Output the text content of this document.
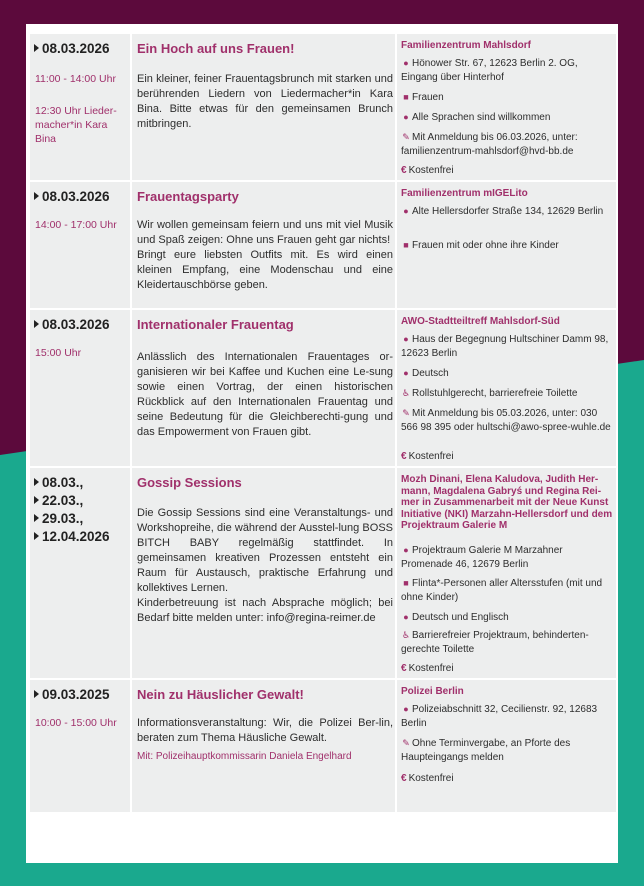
08.03.2026
11:00 - 14:00 Uhr
12:30 Uhr Lieder-macher*in Kara Bina
Ein Hoch auf uns Frauen!
Ein kleiner, feiner Frauentagsbrunch mit starken und berührenden Liedern von Liedermacher*in Kara Bina. Bitte etwas für den gemeinsamen Brunch mitbringen.
Familienzentrum Mahlsdorf
● Hönower Str. 67, 12623 Berlin 2. OG, Eingang über Hinterhof
■ Frauen
● Alle Sprachen sind willkommen
✎ Mit Anmeldung bis 06.03.2026, unter: familienzentrum-mahlsdorf@hvd-bb.de
€ Kostenfrei
08.03.2026
14:00 - 17:00 Uhr
Frauentagsparty

Wir wollen gemeinsam feiern und uns mit viel Musik und Spaß zeigen: Ohne uns Frauen geht gar nichts!

Bringt eure liebsten Outfits mit. Es wird einen kleinen Empfang, eine Modenschau und eine Kleidertauschbörse geben.

Familienzentrum mIGELito
● Alte Hellersdorfer Straße 134, 12629 Berlin
■ Frauen mit oder ohne ihre Kinder
08.03.2026
15:00 Uhr
Internationaler Frauentag
Anlässlich des Internationalen Frauentages or-ganisieren wir bei Kaffee und Kuchen eine Le-sung sowie einen Vortrag, der einen historischen Rückblick auf den Internationalen Frauentag und seine Bedeutung für die Gleichberechti-gung und das Empowerment von Frauen gibt.
AWO-Stadtteiltreff Mahlsdorf-Süd
● Haus der Begegnung Hultschiner Damm 98, 12623 Berlin
● Deutsch
♿ Rollstuhlgerecht, barrierefreie Toilette
✎ Mit Anmeldung bis 05.03.2026, unter: 030 566 98 395 oder hultschi@awo-spree-wuhle.de
€ Kostenfrei
08.03.,
22.03.,
29.03.,
12.04.2026
Gossip Sessions

Die Gossip Sessions sind eine Veranstaltungs- und Workshopreihe, die während der Ausstel-lung BOSS BITCH BABY regelmäßig stattfindet. In gemeinsamen kreativen Prozessen entsteht ein Raum für Austausch, praktische Erfahrung und kollektives Lernen.

Kinderbetreuung ist nach Absprache möglich; bei Bedarf bitte melden unter: info@regina-reimer.de

Mozh Dinani, Elena Kaludova, Judith Her-mann, Magdalena Gabryś und Regina Rei-mer in Zusammenarbeit mit der Neue Kunst Initiative (NKI) Marzahn-Hellersdorf und dem Projektraum Galerie M
● Projektraum Galerie M Marzahner Promenade 46, 12679 Berlin
■ Flinta*-Personen aller Altersstufen (mit und ohne Kinder)
● Deutsch und Englisch
♿ Barrierefreier Projektraum, behinderten-gerechte Toilette
€ Kostenfrei
09.03.2025
10:00 - 15:00 Uhr
Nein zu Häuslicher Gewalt!
Informationsveranstaltung: Wir, die Polizei Ber-lin, beraten zum Thema Häusliche Gewalt.
Mit: Polizeihauptkommissarin Daniela Engelhard
Polizei Berlin
● Polizeiabschnitt 32, Cecilienstr. 92, 12683 Berlin
✎ Ohne Terminvergabe, an Pforte des Haupteingangs melden
€ Kostenfrei
